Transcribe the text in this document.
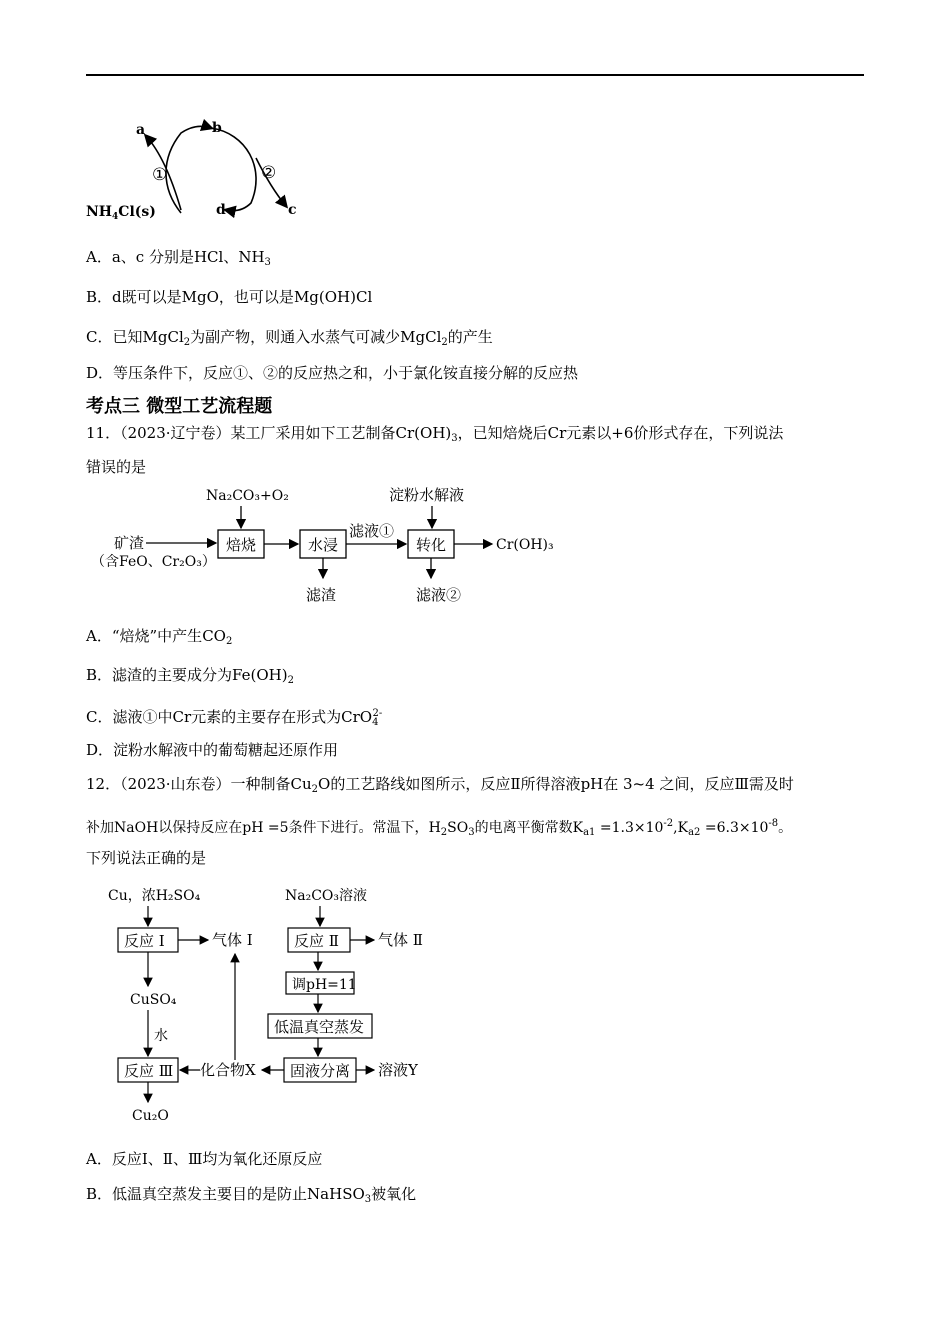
a	b
c
d
①	②
$NH_4Cl(s)$
A．a、c 分别是HCl、$NH_3$
B．d既可以是MgO，也可以是Mg(OH)Cl
C．已知MgCl$_2$为副产物，则通入水蒸气可减少MgCl$_2$的产生
D．等压条件下，反应①、②的反应热之和，小于氯化铵直接分解的反应热
考点三 微型工艺流程题
11．（2023·辽宁卷）某工厂采用如下工艺制备$Cr(OH)_3$，已知焙烧后Cr元素以+6价形式存在，下列说法
错误的是
Na₂CO₃+O₂	淀粉水解液
矿渣
（含FeO、Cr₂O₃）
焙烧	水浸
滤液①
转化	Cr(OH)₃
滤渣	滤液②
A．“焙烧”中产生$CO_2$
B．滤渣的主要成分为$Fe(OH)_2$
C．滤液①中Cr元素的主要存在形式为CrO$_4^{2-}$
D．淀粉水解液中的葡萄糖起还原作用
12．（2023·山东卷）一种制备$Cu_2O$的工艺路线如图所示，反应Ⅱ所得溶液pH在 3~4 之间，反应Ⅲ需及时
补加NaOH以保持反应在pH =5条件下进行。常温下，$H_2SO_3$的电离平衡常数$K_{a1} =1.3\times 10^{-2},K_{a2} =6.3\times 10^{-8}$。
下列说法正确的是
Cu，浓H₂SO₄	Na₂CO₃溶液
反应 Ⅰ	气体 Ⅰ	反应 Ⅱ	气体 Ⅱ
CuSO₄
水
调pH=11
低温真空蒸发
反应 Ⅲ	固液分离 溶液Y
化合物X
Cu₂O
A．反应Ⅰ、Ⅱ、Ⅲ均为氧化还原反应
B．低温真空蒸发主要目的是防止NaHSO$_3$被氧化
